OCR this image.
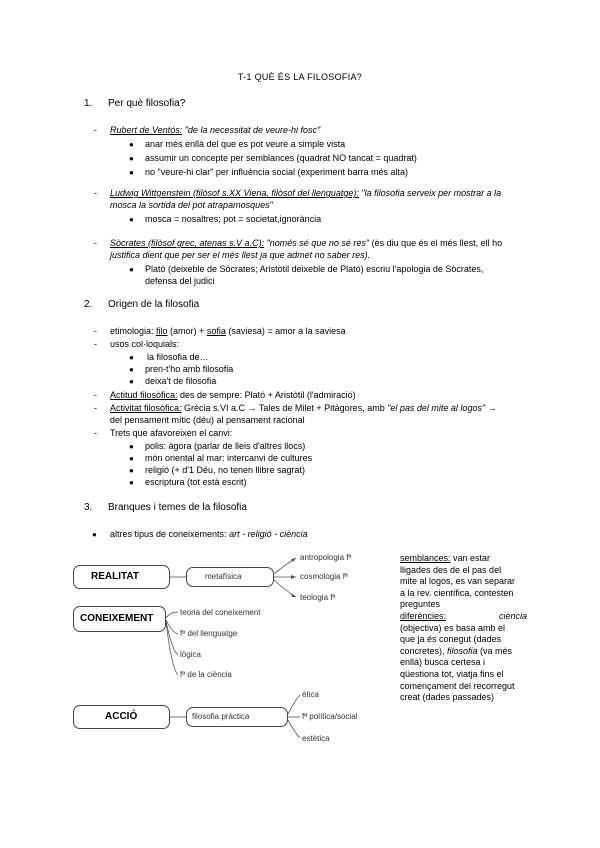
T-1 QUÈ ÉS LA FILOSOFIA?
1. Per què filosofia?
- Rubert de Ventós: "de la necessitat de veure-hi fosc"
● anar més enllà del que es pot veure a simple vista
● assumir un concepte per semblances (quadrat NO tancat = quadrat)
● no "veure-hi clar" per influència social (experiment barra més alta)
- Ludwig Wittgenstein (filòsof s.XX Viena, filòsof del llenguatge): "la filosofia serveix per mostrar a la
mosca la sortida del pot atrapamosques"
● mosca = nosaltres; pot = societat,ignorància
- Sòcrates (filòsof grec, atenas s.V a.C): "només sé que no sé res" (és diu que és el més llest, ell ho
justifica dient que per ser el més llest ja que admet no saber res).
● Plató (deixeble de Sòcrates; Aristòtil deixeble de Plató) escriu l'apologia de Sòcrates,
defensa del judici
2. Origen de la filosofia
- etimologia: filo (amor) + sofia (saviesa) = amor a la saviesa
- usos col·loquials:
● la filosofia de…
● pren-t'ho amb filosofia
● deixa't de filosofia
- Actitud filosòfica: des de sempre: Plató + Aristòtil (l'admiració)
- Activitat filosòfica: Grècia s.VI a.C → Tales de Milet + Pitàgores, amb "el pas del mite al logos" →
del pensament mític (déu) al pensament racional
- Trets que afavoreixen el canvi:
● polis: àgora (parlar de lleis d'altres llocs)
● món oriental al mar: intercanvi de cultures
● religió (+ d'1 Déu, no tenen llibre sagrat)
● escriptura (tot està escrit)
3. Branques i temes de la filosofia
● altres tipus de coneixements: art - religió - ciència
REALITAT	metafísica
antropologia fª
cosmologia fª
teologia fª
CONEIXEMENT
teoria del coneixement
fª del llenguatge
lògica
fª de la ciència
ACCIÓ	filosofia pràctica
ètica
fª política/social
estètica
semblances: van estar
lligades des de el pas del
mite al logos, es van separar
a la rev. científica, contesten
preguntes
diferències:	ciència
(objectiva) es basa amb el
que ja és conegut (dades
concretes), filosofia (va més
enllà) busca certesa i
qüestiona tot, viatja fins el
començament del recorregut
creat (dades passades)
